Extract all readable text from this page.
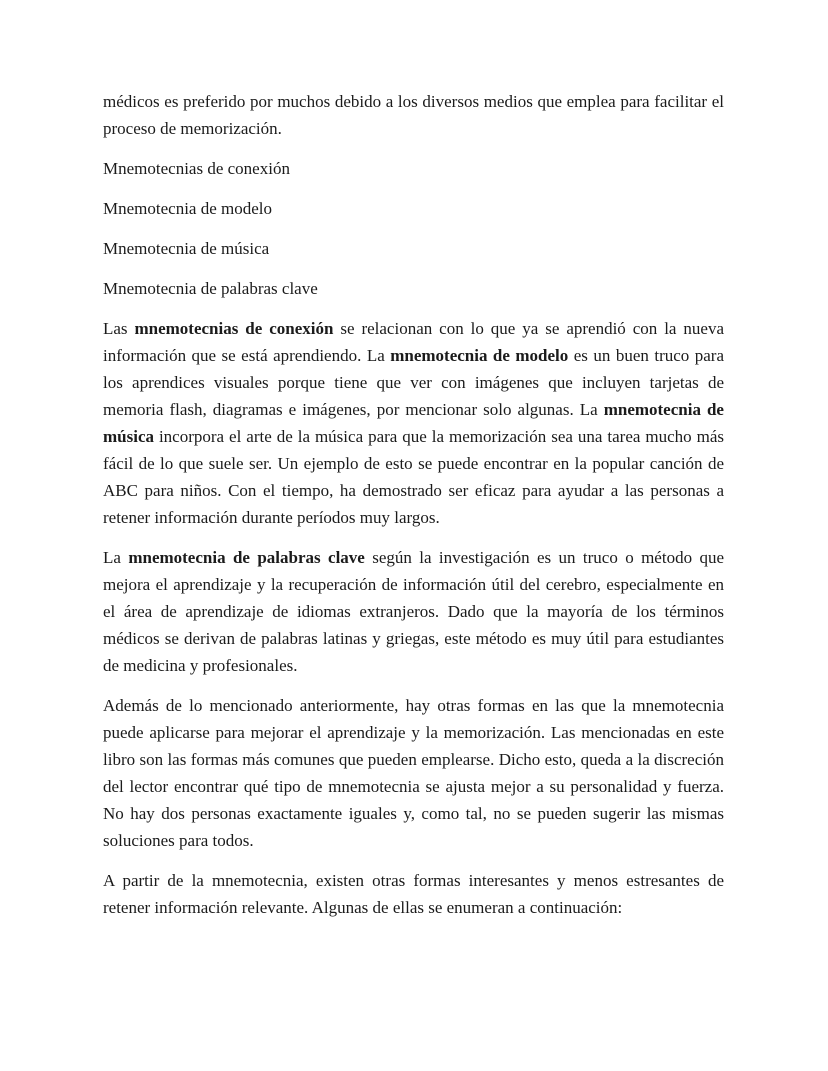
médicos es preferido por muchos debido a los diversos medios que emplea para facilitar el proceso de memorización.

Mnemotecnias de conexión

Mnemotecnia de modelo

Mnemotecnia de música

Mnemotecnia de palabras clave

Las mnemotecnias de conexión se relacionan con lo que ya se aprendió con la nueva información que se está aprendiendo. La mnemotecnia de modelo es un buen truco para los aprendices visuales porque tiene que ver con imágenes que incluyen tarjetas de memoria flash, diagramas e imágenes, por mencionar solo algunas. La mnemotecnia de música incorpora el arte de la música para que la memorización sea una tarea mucho más fácil de lo que suele ser. Un ejemplo de esto se puede encontrar en la popular canción de ABC para niños. Con el tiempo, ha demostrado ser eficaz para ayudar a las personas a retener información durante períodos muy largos.

La mnemotecnia de palabras clave según la investigación es un truco o método que mejora el aprendizaje y la recuperación de información útil del cerebro, especialmente en el área de aprendizaje de idiomas extranjeros. Dado que la mayoría de los términos médicos se derivan de palabras latinas y griegas, este método es muy útil para estudiantes de medicina y profesionales.

Además de lo mencionado anteriormente, hay otras formas en las que la mnemotecnia puede aplicarse para mejorar el aprendizaje y la memorización. Las mencionadas en este libro son las formas más comunes que pueden emplearse. Dicho esto, queda a la discreción del lector encontrar qué tipo de mnemotecnia se ajusta mejor a su personalidad y fuerza. No hay dos personas exactamente iguales y, como tal, no se pueden sugerir las mismas soluciones para todos.

A partir de la mnemotecnia, existen otras formas interesantes y menos estresantes de retener información relevante. Algunas de ellas se enumeran a continuación:
